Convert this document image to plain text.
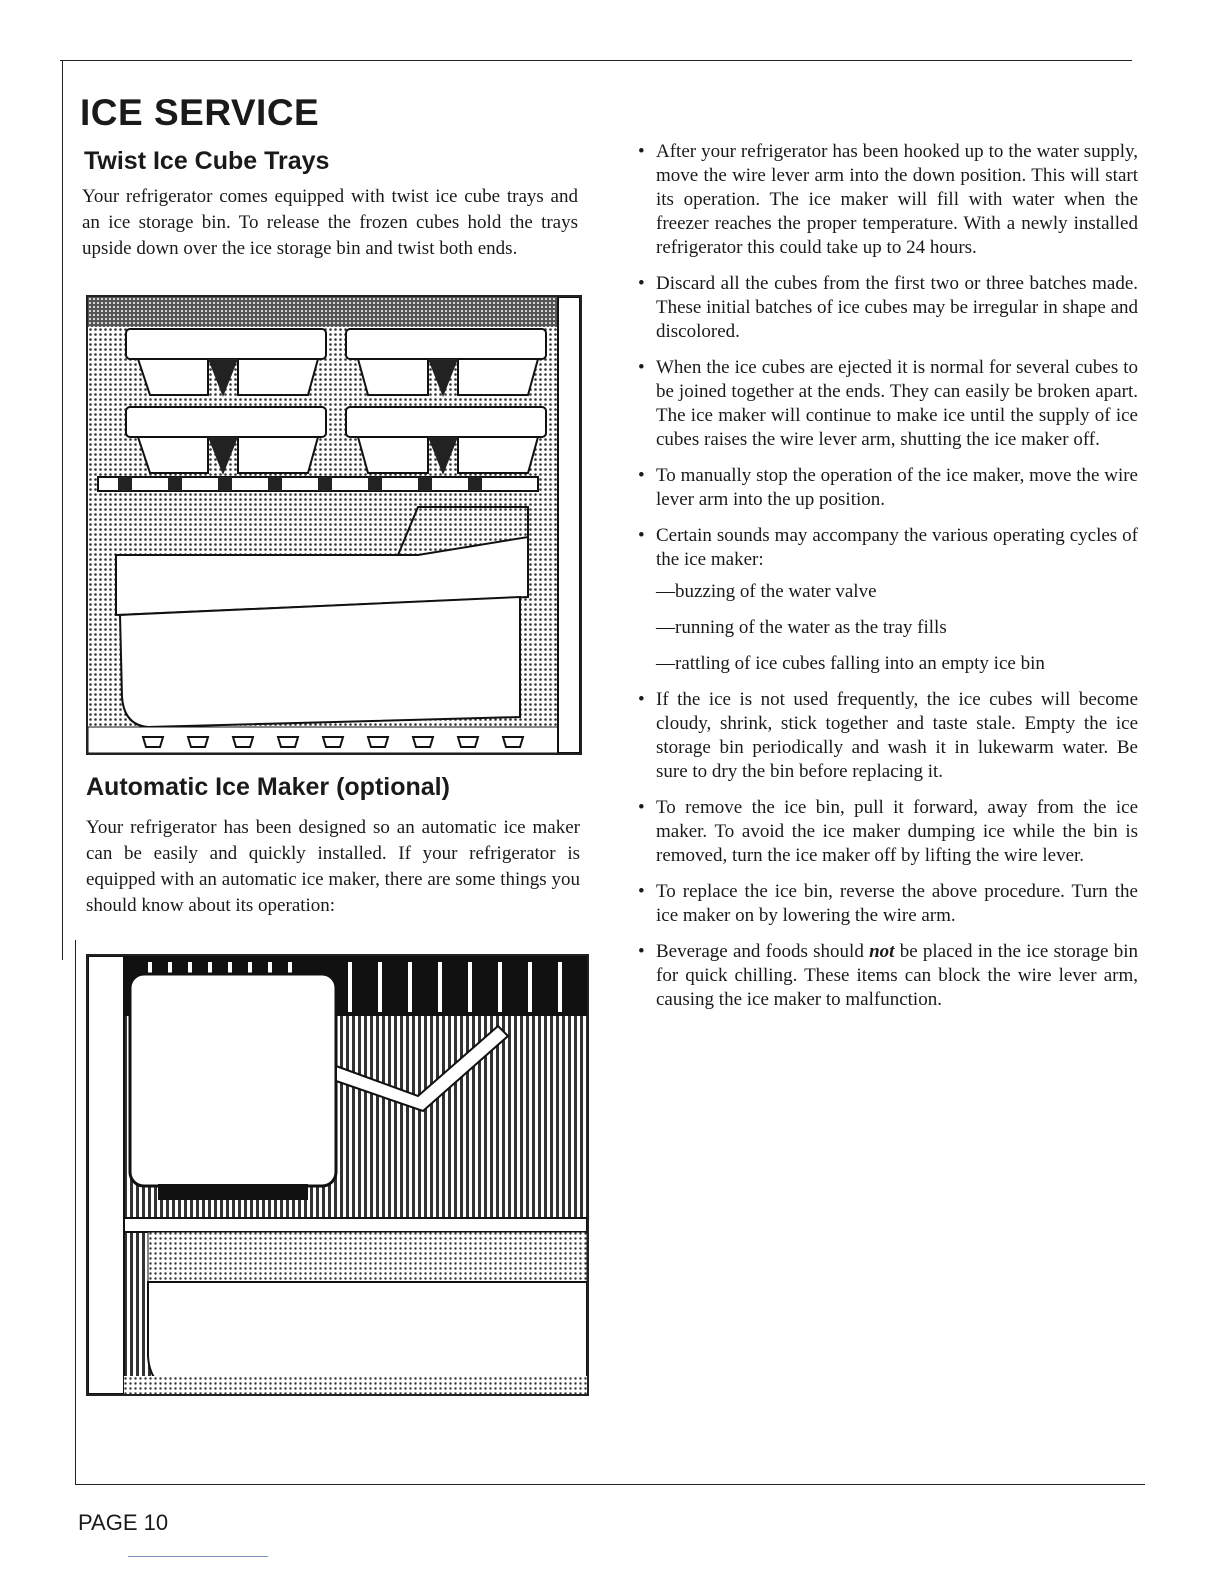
ICE SERVICE
Twist Ice Cube Trays

Your refrigerator comes equipped with twist ice cube trays and an ice storage bin. To release the frozen cubes hold the trays upside down over the ice storage bin and twist both ends.

Automatic Ice Maker (optional)

Your refrigerator has been designed so an automatic ice maker can be easily and quickly installed. If your refrigerator is equipped with an automatic ice maker, there are some things you should know about its operation:

• After your refrigerator has been hooked up to the water supply, move the wire lever arm into the down position. This will start its operation. The ice maker will fill with water when the freezer reaches the proper temperature. With a newly installed refrigerator this could take up to 24 hours.
• Discard all the cubes from the first two or three batches made. These initial batches of ice cubes may be irregular in shape and discolored.
• When the ice cubes are ejected it is normal for several cubes to be joined together at the ends. They can easily be broken apart. The ice maker will continue to make ice until the supply of ice cubes raises the wire lever arm, shutting the ice maker off.
• To manually stop the operation of the ice maker, move the wire lever arm into the up position.
• Certain sounds may accompany the various operating cycles of the ice maker:
—buzzing of the water valve
—running of the water as the tray fills
—rattling of ice cubes falling into an empty ice bin
• If the ice is not used frequently, the ice cubes will become cloudy, shrink, stick together and taste stale. Empty the ice storage bin periodically and wash it in lukewarm water. Be sure to dry the bin before replacing it.
• To remove the ice bin, pull it forward, away from the ice maker. To avoid the ice maker dumping ice while the bin is removed, turn the ice maker off by lifting the wire lever.
• To replace the ice bin, reverse the above procedure. Turn the ice maker on by lowering the wire arm.
• Beverage and foods should not be placed in the ice storage bin for quick chilling. These items can block the wire lever arm, causing the ice maker to malfunction.

PAGE 10
